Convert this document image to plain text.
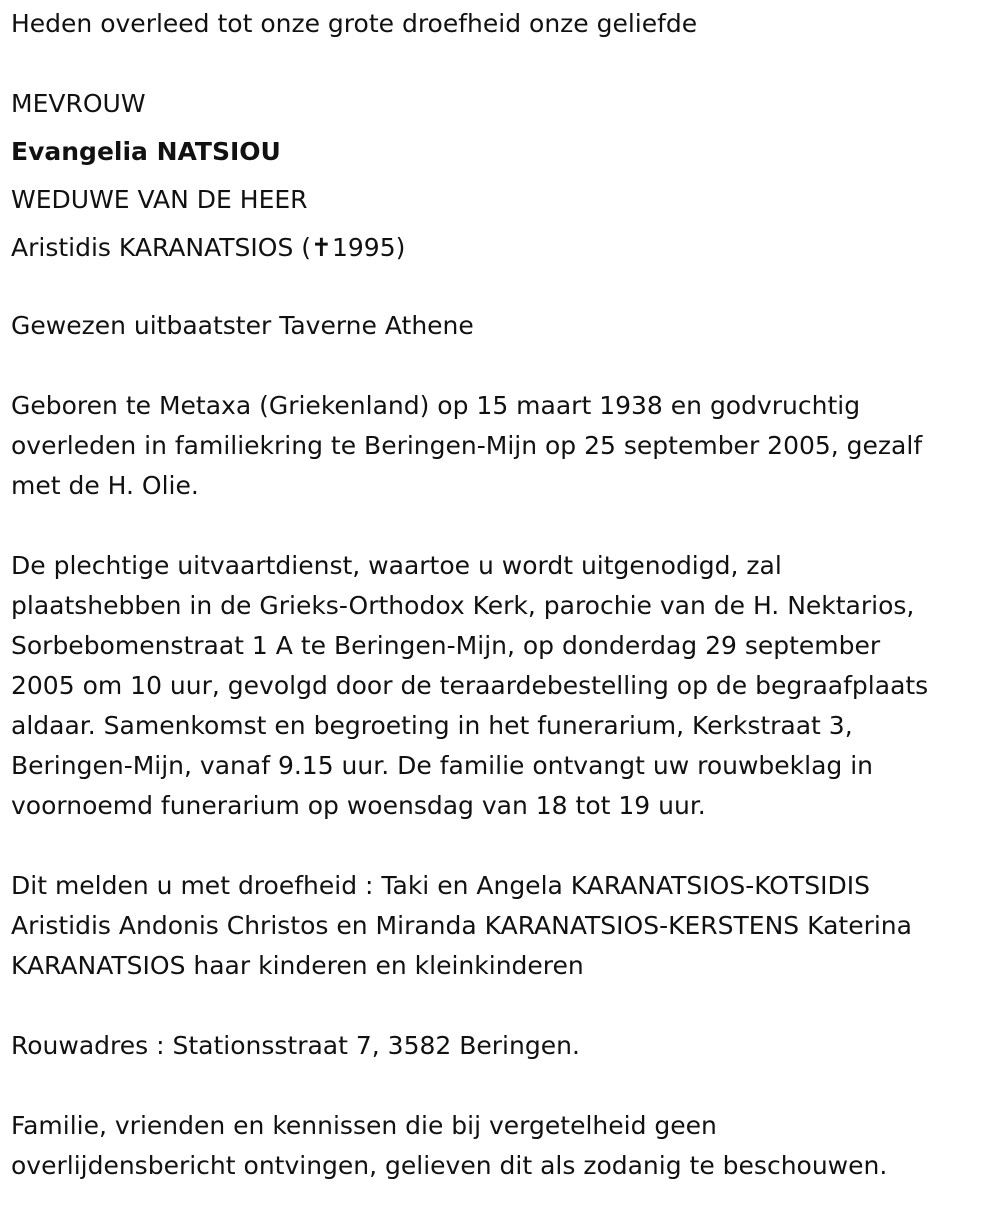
Heden overleed tot onze grote droefheid onze geliefde
MEVROUW
Evangelia NATSIOU
WEDUWE VAN DE HEER
Aristidis KARANATSIOS (✝1995)
Gewezen uitbaatster Taverne Athene
Geboren te Metaxa (Griekenland) op 15 maart 1938 en godvruchtig
overleden in familiekring te Beringen-Mijn op 25 september 2005, gezalf
met de H. Olie.
De plechtige uitvaartdienst, waartoe u wordt uitgenodigd, zal
plaatshebben in de Grieks-Orthodox Kerk, parochie van de H. Nektarios,
Sorbebomenstraat 1 A te Beringen-Mijn, op donderdag 29 september
2005 om 10 uur, gevolgd door de teraardebestelling op de begraafplaats
aldaar. Samenkomst en begroeting in het funerarium, Kerkstraat 3,
Beringen-Mijn, vanaf 9.15 uur. De familie ontvangt uw rouwbeklag in
voornoemd funerarium op woensdag van 18 tot 19 uur.
Dit melden u met droefheid : Taki en Angela KARANATSIOS-KOTSIDIS
Aristidis Andonis Christos en Miranda KARANATSIOS-KERSTENS Katerina
KARANATSIOS haar kinderen en kleinkinderen
Rouwadres : Stationsstraat 7, 3582 Beringen.
Familie, vrienden en kennissen die bij vergetelheid geen
overlijdensbericht ontvingen, gelieven dit als zodanig te beschouwen.
